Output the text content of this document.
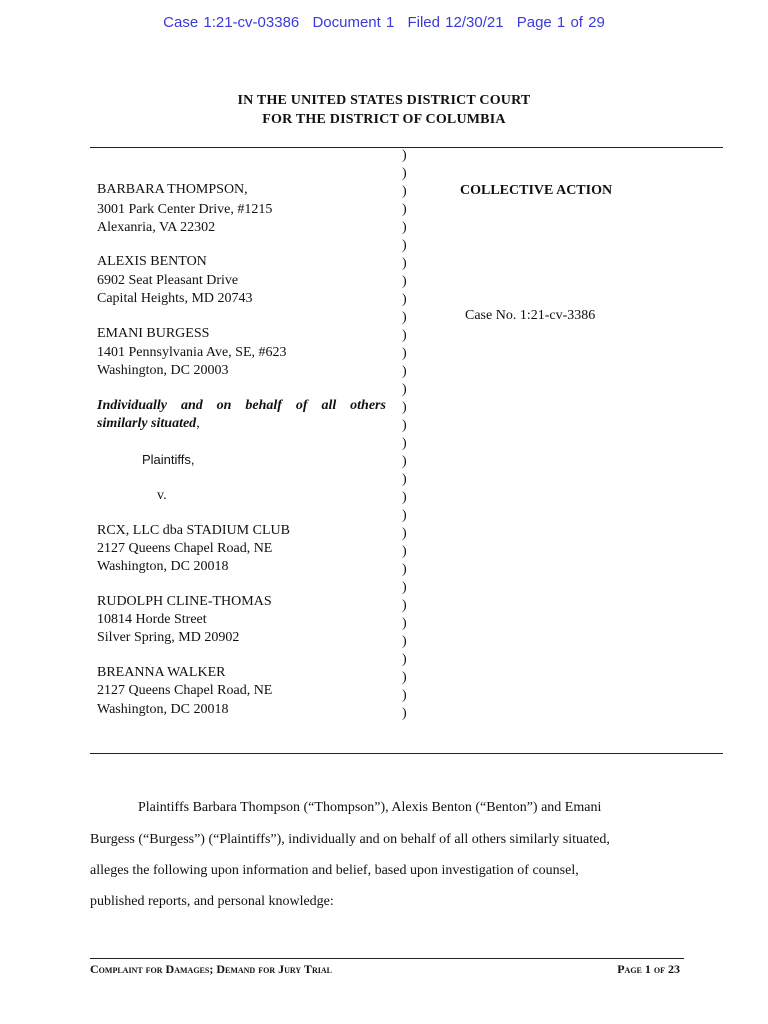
Case 1:21-cv-03386 Document 1 Filed 12/30/21 Page 1 of 29
IN THE UNITED STATES DISTRICT COURT
FOR THE DISTRICT OF COLUMBIA
BARBARA THOMPSON,
3001 Park Center Drive, #1215
Alexanria, VA 22302
ALEXIS BENTON
6902 Seat Pleasant Drive
Capital Heights, MD 20743
EMANI BURGESS
1401 Pennsylvania Ave, SE, #623
Washington, DC 20003
Individually and on behalf of all others
similarly situated,
Plaintiffs,
v.
RCX, LLC dba STADIUM CLUB
2127 Queens Chapel Road, NE
Washington, DC 20018
RUDOLPH CLINE-THOMAS
10814 Horde Street
Silver Spring, MD 20902
BREANNA WALKER
2127 Queens Chapel Road, NE
Washington, DC 20018
)
)
)
)
)
)
)
)
)
)
)
)
)
)
)
)
)
)
)
)
)
)
)
)
)
)
)
)
)
)
)
)
COLLECTIVE ACTION
Case No. 1:21-cv-3386
Plaintiffs Barbara Thompson (“Thompson”), Alexis Benton (“Benton”) and Emani
Burgess (“Burgess”) (“Plaintiffs”), individually and on behalf of all others similarly situated,
alleges the following upon information and belief, based upon investigation of counsel,
published reports, and personal knowledge:
Complaint for Damages; Demand for Jury Trial	Page 1 of 23
